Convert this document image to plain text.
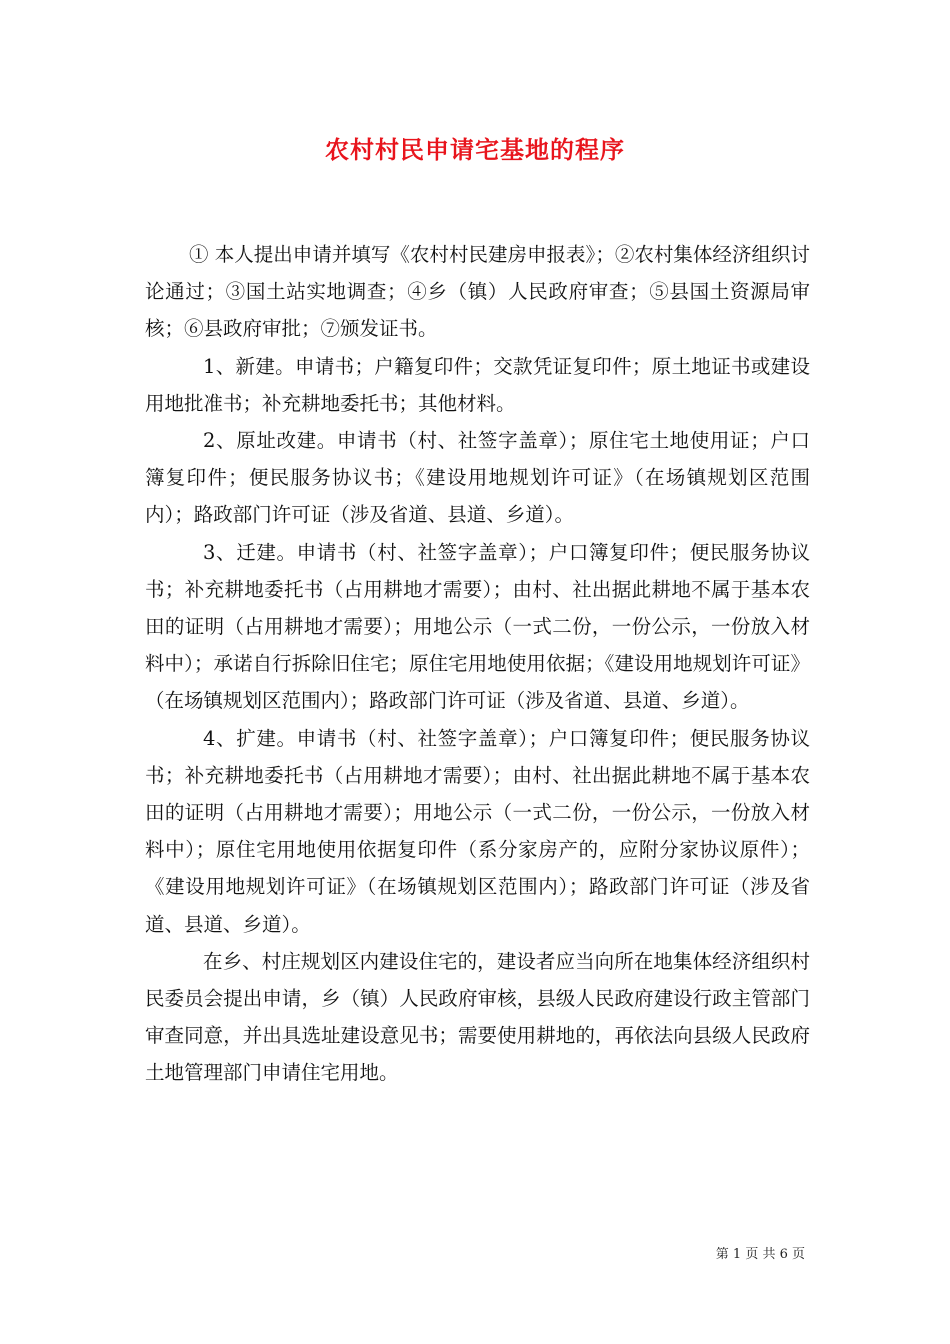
农村村民申请宅基地的程序

① 本人提出申请并填写《农村村民建房申报表》；②农村集体经济组织讨论通过；③国土站实地调查；④乡（镇）人民政府审查；⑤县国土资源局审核；⑥县政府审批；⑦颁发证书。

1、新建。申请书；户籍复印件；交款凭证复印件；原土地证书或建设用地批准书；补充耕地委托书；其他材料。

2、原址改建。申请书（村、社签字盖章）；原住宅土地使用证；户口簿复印件；便民服务协议书；《建设用地规划许可证》（在场镇规划区范围内）；路政部门许可证（涉及省道、县道、乡道）。

3、迁建。申请书（村、社签字盖章）；户口簿复印件；便民服务协议书；补充耕地委托书（占用耕地才需要）；由村、社出据此耕地不属于基本农田的证明（占用耕地才需要）；用地公示（一式二份，一份公示，一份放入材料中）；承诺自行拆除旧住宅；原住宅用地使用依据；《建设用地规划许可证》（在场镇规划区范围内）；路政部门许可证（涉及省道、县道、乡道）。

4、扩建。申请书（村、社签字盖章）；户口簿复印件；便民服务协议书；补充耕地委托书（占用耕地才需要）；由村、社出据此耕地不属于基本农田的证明（占用耕地才需要）；用地公示（一式二份，一份公示，一份放入材料中）；原住宅用地使用依据复印件（系分家房产的，应附分家协议原件）；《建设用地规划许可证》（在场镇规划区范围内）；路政部门许可证（涉及省道、县道、乡道）。

在乡、村庄规划区内建设住宅的，建设者应当向所在地集体经济组织村民委员会提出申请，乡（镇）人民政府审核，县级人民政府建设行政主管部门审查同意，并出具选址建设意见书；需要使用耕地的，再依法向县级人民政府土地管理部门申请住宅用地。

第 1 页 共 6 页
